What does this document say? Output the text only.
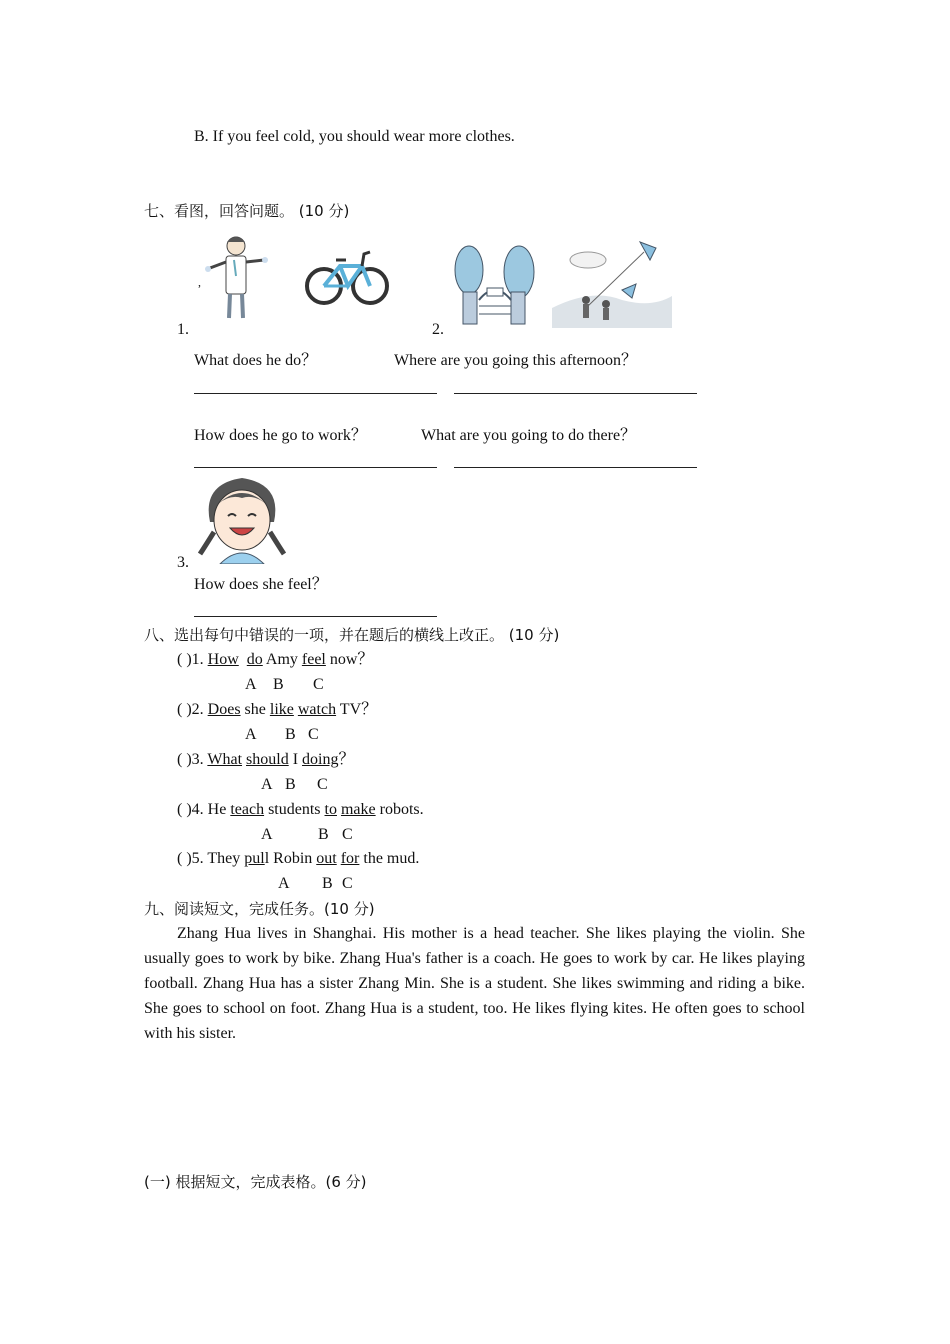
B. If you feel cold, you should wear more clothes.
七、看图，回答问题。 (10 分)
,
1.	2.
What does he do？	Where are you going this afternoon？
How does he go to work？	What are you going to do there？
3.
How does she feel？
八、选出每句中错误的一项，并在题后的横线上改正。 (10 分)
( )1. How do Amy feel now？
A B C
( )2. Does she like watch TV？
A B C
( )3. What should I doing？
A B C
( )4. He teach students to make robots.
A	B C
( )5. They pull Robin out for the mud.
A B C
九、阅读短文，完成任务。(10 分)
Zhang Hua lives in Shanghai. His mother is a head teacher. She likes playing the violin. She usually goes to work by bike. Zhang Hua's father is a coach. He goes to work by car. He likes playing football. Zhang Hua has a sister Zhang Min. She is a student. She likes swimming and riding a bike. She goes to school on foot. Zhang Hua is a student, too. He likes flying kites. He often goes to school with his sister.
(一) 根据短文，完成表格。(6 分)
